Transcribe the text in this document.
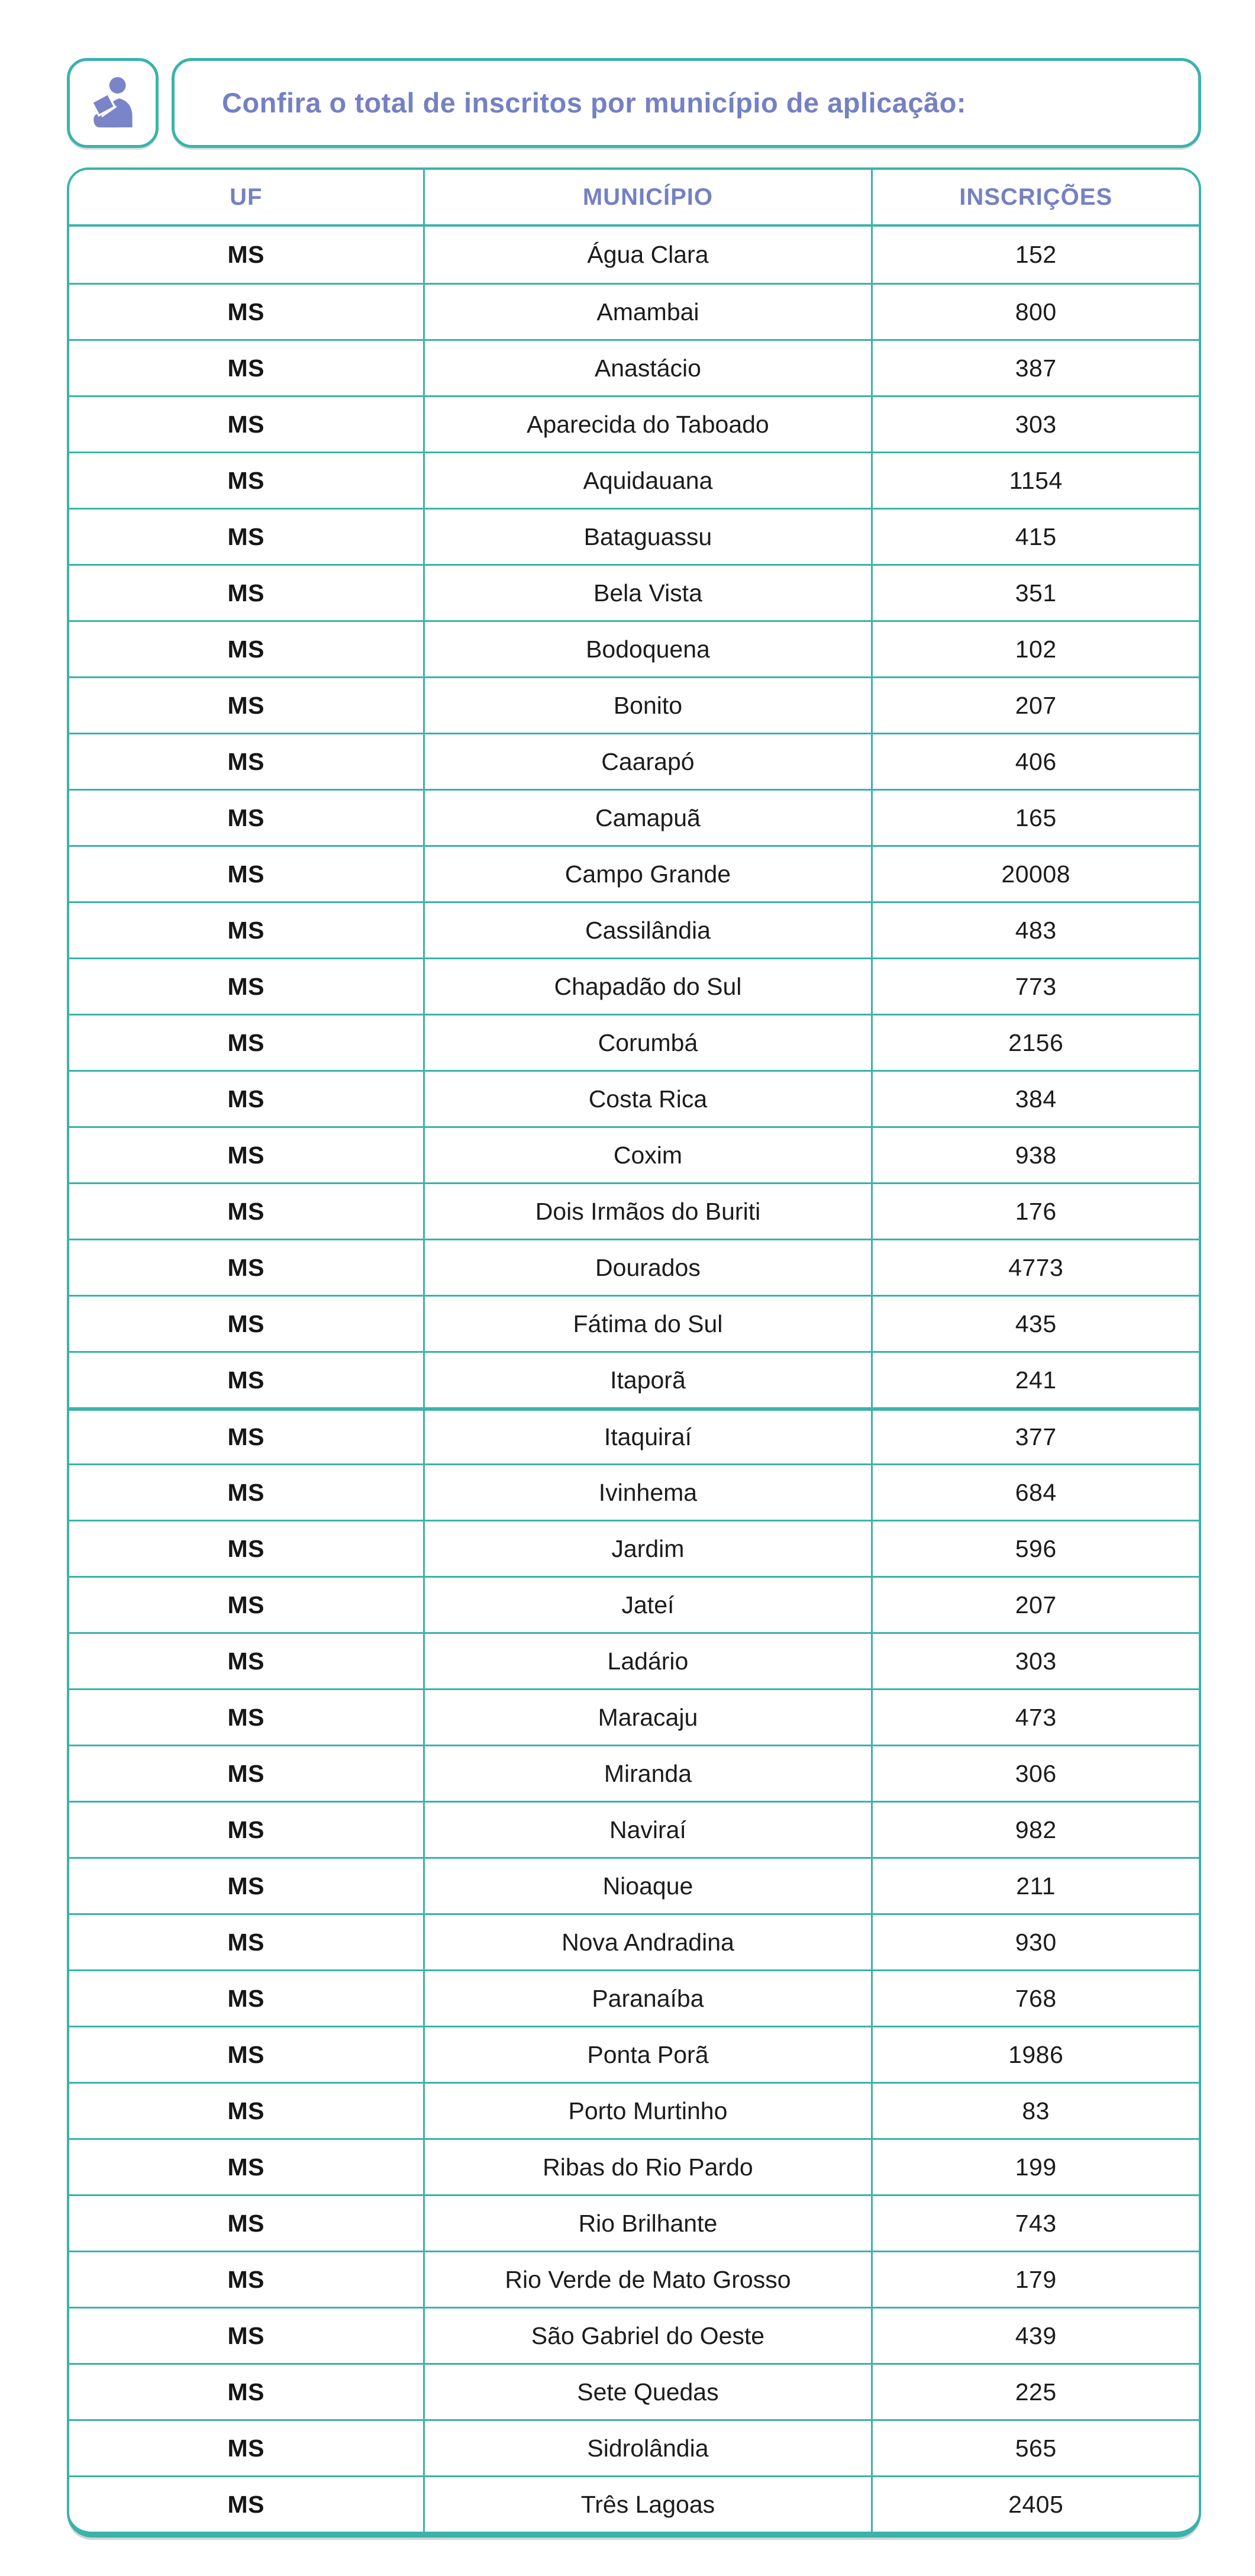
Confira o total de inscritos por município de aplicação:
UF	MUNICÍPIO	INSCRIÇÕES
MS	Água Clara	152
MS	Amambai	800
MS	Anastácio	387
MS	Aparecida do Taboado	303
MS	Aquidauana	1154
MS	Bataguassu	415
MS	Bela Vista	351
MS	Bodoquena	102
MS	Bonito	207
MS	Caarapó	406
MS	Camapuã	165
MS	Campo Grande	20008
MS	Cassilândia	483
MS	Chapadão do Sul	773
MS	Corumbá	2156
MS	Costa Rica	384
MS	Coxim	938
MS	Dois Irmãos do Buriti	176
MS	Dourados	4773
MS	Fátima do Sul	435
MS	Itaporã	241
MS	Itaquiraí	377
MS	Ivinhema	684
MS	Jardim	596
MS	Jateí	207
MS	Ladário	303
MS	Maracaju	473
MS	Miranda	306
MS	Naviraí	982
MS	Nioaque	211
MS	Nova Andradina	930
MS	Paranaíba	768
MS	Ponta Porã	1986
MS	Porto Murtinho	83
MS	Ribas do Rio Pardo	199
MS	Rio Brilhante	743
MS	Rio Verde de Mato Grosso	179
MS	São Gabriel do Oeste	439
MS	Sete Quedas	225
MS	Sidrolândia	565
MS	Três Lagoas	2405
